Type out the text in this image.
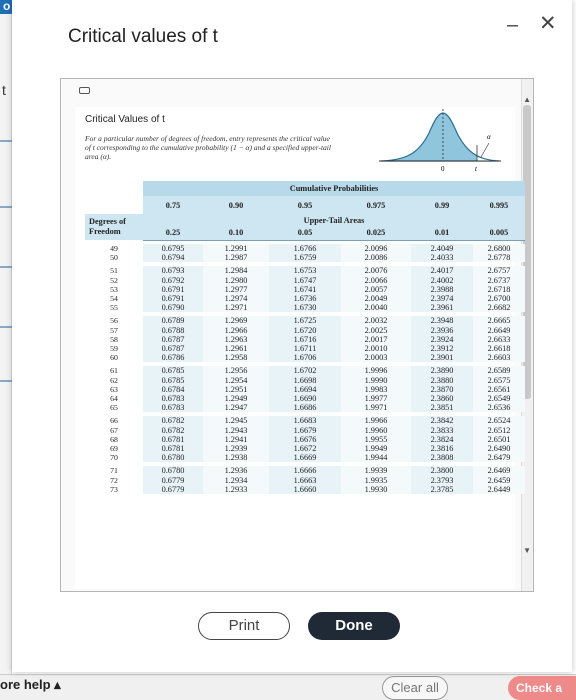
o
t
ore help ▴	Clear all	Check a
Critical values of t
– ✕
▲
▼
Critical Values of t
For a particular number of degrees of freedom, entry represents the critical value of t corresponding to the cumulative probability (1 − α) and a specified upper-tail area (α).
0	t
α
	Cumulative Probabilities					
	0.75	0.90	0.95	0.975	0.99	0.995
Degrees of
Freedom	Upper-Tail Areas					
	0.25	0.10	0.05	0.025	0.01	0.005

49	0.6795	1.2991	1.6766	2.0096	2.4049	2.6800
50	0.6794	1.2987	1.6759	2.0086	2.4033	2.6778

51	0.6793	1.2984	1.6753	2.0076	2.4017	2.6757
52	0.6792	1.2980	1.6747	2.0066	2.4002	2.6737
53	0.6791	1.2977	1.6741	2.0057	2.3988	2.6718
54	0.6791	1.2974	1.6736	2.0049	2.3974	2.6700
55	0.6790	1.2971	1.6730	2.0040	2.3961	2.6682

56	0.6789	1.2969	1.6725	2.0032	2.3948	2.6665
57	0.6788	1.2966	1.6720	2.0025	2.3936	2.6649
58	0.6787	1.2963	1.6716	2.0017	2.3924	2.6633
59	0.6787	1.2961	1.6711	2.0010	2.3912	2.6618
60	0.6786	1.2958	1.6706	2.0003	2.3901	2.6603

61	0.6785	1.2956	1.6702	1.9996	2.3890	2.6589
62	0.6785	1.2954	1.6698	1.9990	2.3880	2.6575
63	0.6784	1.2951	1.6694	1.9983	2.3870	2.6561
64	0.6783	1.2949	1.6690	1.9977	2.3860	2.6549
65	0.6783	1.2947	1.6686	1.9971	2.3851	2.6536

66	0.6782	1.2945	1.6683	1.9966	2.3842	2.6524
67	0.6782	1.2943	1.6679	1.9960	2.3833	2.6512
68	0.6781	1.2941	1.6676	1.9955	2.3824	2.6501
69	0.6781	1.2939	1.6672	1.9949	2.3816	2.6490
70	0.6780	1.2938	1.6669	1.9944	2.3808	2.6479

71	0.6780	1.2936	1.6666	1.9939	2.3800	2.6469
72	0.6779	1.2934	1.6663	1.9935	2.3793	2.6459
73	0.6779	1.2933	1.6660	1.9930	2.3785	2.6449
Print	Done
